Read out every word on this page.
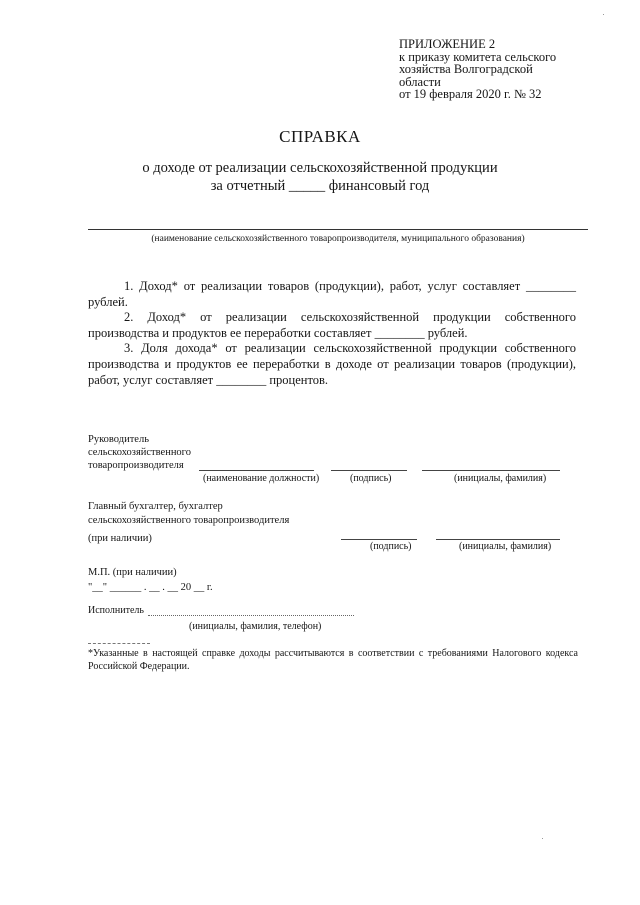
ПРИЛОЖЕНИЕ 2
к приказу комитета сельского
хозяйства Волгоградской
области
от 19 февраля 2020 г. № 32
СПРАВКА
о доходе от реализации сельскохозяйственной продукции
за отчетный _____ финансовый год
(наименование сельскохозяйственного товаропроизводителя, муниципального образования)

1. Доход* от реализации товаров (продукции), работ, услуг составляет ________ рублей.

2. Доход* от реализации сельскохозяйственной продукции собственного производства и продуктов ее переработки составляет ________ рублей.

3. Доля дохода* от реализации сельскохозяйственной продукции собственного производства и продуктов ее переработки в доходе от реализации товаров (продукции), работ, услуг составляет ________ процентов.

Руководитель
сельскохозяйственного
товаропроизводителя
(наименование должности)	(подпись)	(инициалы, фамилия)
Главный бухгалтер, бухгалтер
сельскохозяйственного товаропроизводителя
(при наличии)
(подпись)	(инициалы, фамилия)
М.П. (при наличии)
"__" ______ . __ . __ 20 __ г.
Исполнитель
(инициалы, фамилия, телефон)
*Указанные в настоящей справке доходы рассчитываются в соответствии с требованиями Налогового кодекса Российской Федерации.
